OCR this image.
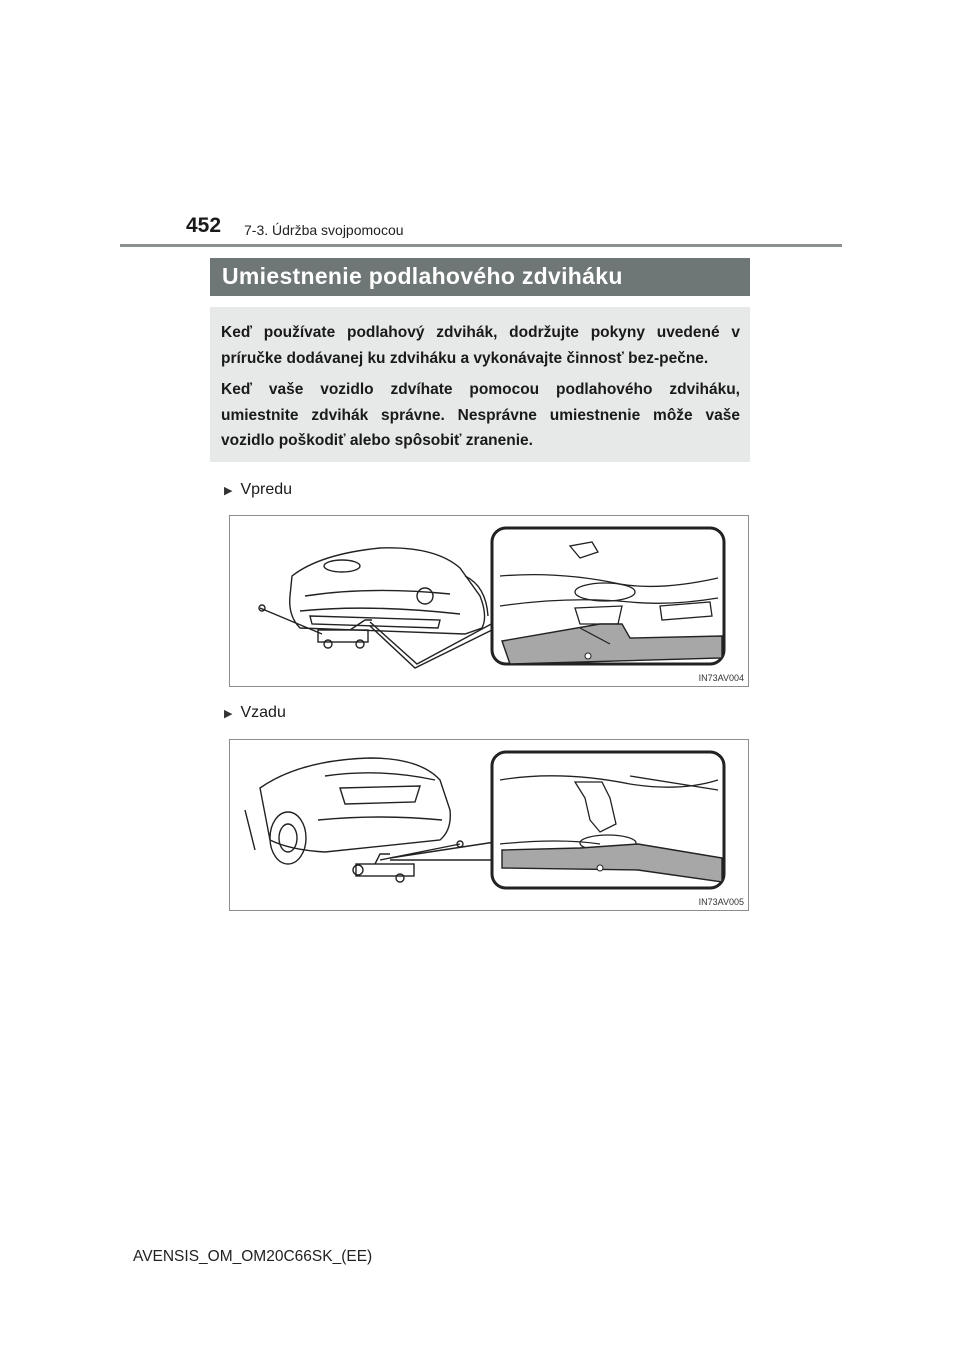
452 7-3. Údržba svojpomocou
Umiestnenie podlahového zdviháku

Keď používate podlahový zdvihák, dodržujte pokyny uvedené v príručke dodávanej ku zdviháku a vykonávajte činnosť bez-pečne.

Keď vaše vozidlo zdvíhate pomocou podlahového zdviháku, umiestnite zdvihák správne. Nesprávne umiestnenie môže vaše vozidlo poškodiť alebo spôsobiť zranenie.

▶ Vpredu
IN73AV004
▶ Vzadu
IN73AV005
AVENSIS_OM_OM20C66SK_(EE)
